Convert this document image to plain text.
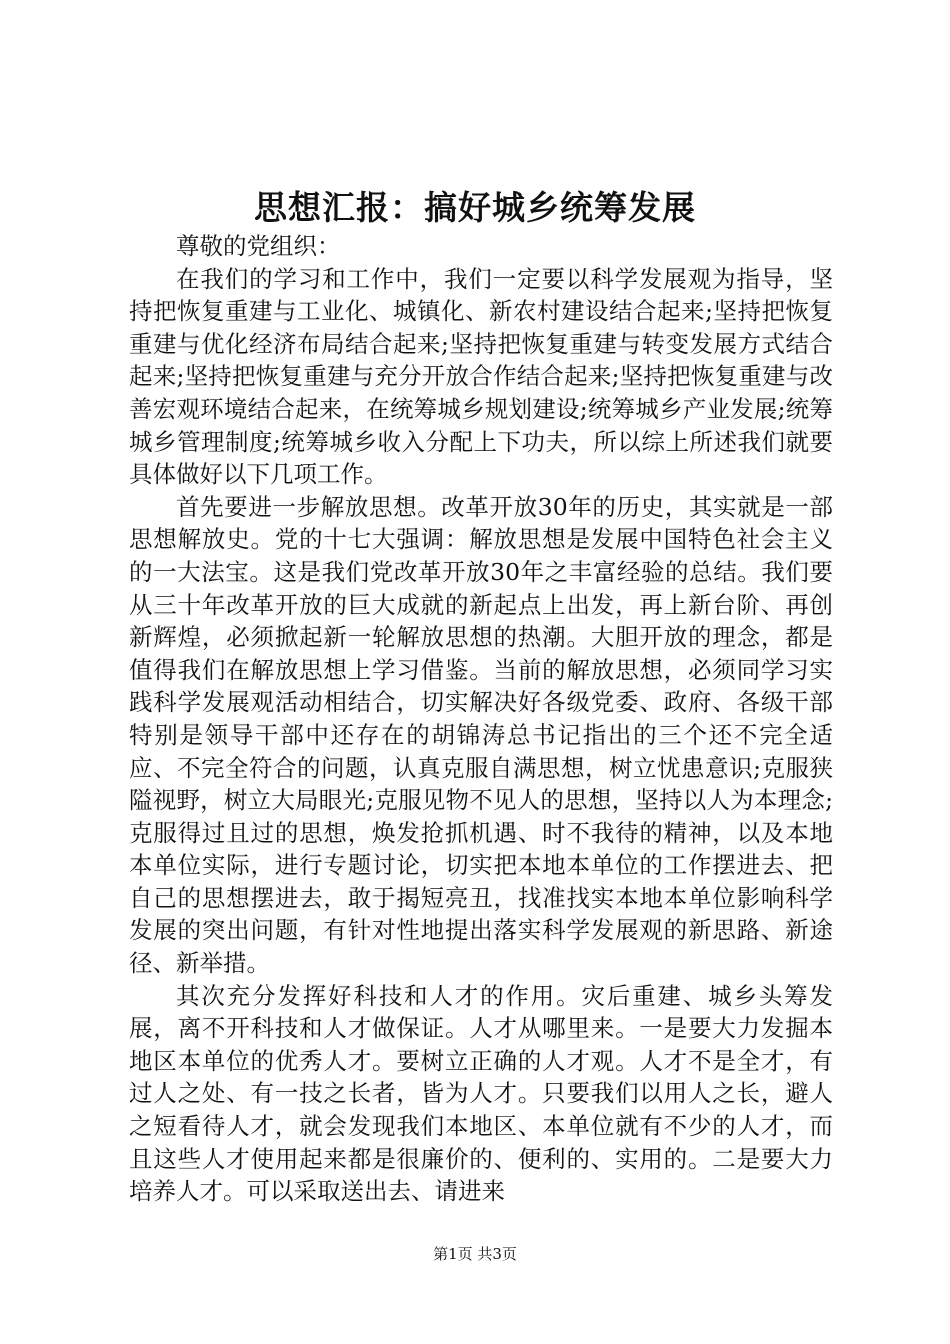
思想汇报：搞好城乡统筹发展

尊敬的党组织：

在我们的学习和工作中，我们一定要以科学发展观为指导，坚持把恢复重建与工业化、城镇化、新农村建设结合起来;坚持把恢复重建与优化经济布局结合起来;坚持把恢复重建与转变发展方式结合起来;坚持把恢复重建与充分开放合作结合起来;坚持把恢复重建与改善宏观环境结合起来，在统筹城乡规划建设;统筹城乡产业发展;统筹城乡管理制度;统筹城乡收入分配上下功夫，所以综上所述我们就要具体做好以下几项工作。

首先要进一步解放思想。改革开放30年的历史，其实就是一部思想解放史。党的十七大强调：解放思想是发展中国特色社会主义的一大法宝。这是我们党改革开放30年之丰富经验的总结。我们要从三十年改革开放的巨大成就的新起点上出发，再上新台阶、再创新辉煌，必须掀起新一轮解放思想的热潮。大胆开放的理念，都是值得我们在解放思想上学习借鉴。当前的解放思想，必须同学习实践科学发展观活动相结合，切实解决好各级党委、政府、各级干部特别是领导干部中还存在的胡锦涛总书记指出的三个还不完全适应、不完全符合的问题，认真克服自满思想，树立忧患意识;克服狭隘视野，树立大局眼光;克服见物不见人的思想，坚持以人为本理念;克服得过且过的思想，焕发抢抓机遇、时不我待的精神，以及本地本单位实际，进行专题讨论，切实把本地本单位的工作摆进去、把自己的思想摆进去，敢于揭短亮丑，找准找实本地本单位影响科学发展的突出问题，有针对性地提出落实科学发展观的新思路、新途径、新举措。

其次充分发挥好科技和人才的作用。灾后重建、城乡头筹发展，离不开科技和人才做保证。人才从哪里来。一是要大力发掘本地区本单位的优秀人才。要树立正确的人才观。人才不是全才，有过人之处、有一技之长者，皆为人才。只要我们以用人之长，避人之短看待人才，就会发现我们本地区、本单位就有不少的人才，而且这些人才使用起来都是很廉价的、便利的、实用的。二是要大力培养人才。可以采取送出去、请进来

第1页 共3页
